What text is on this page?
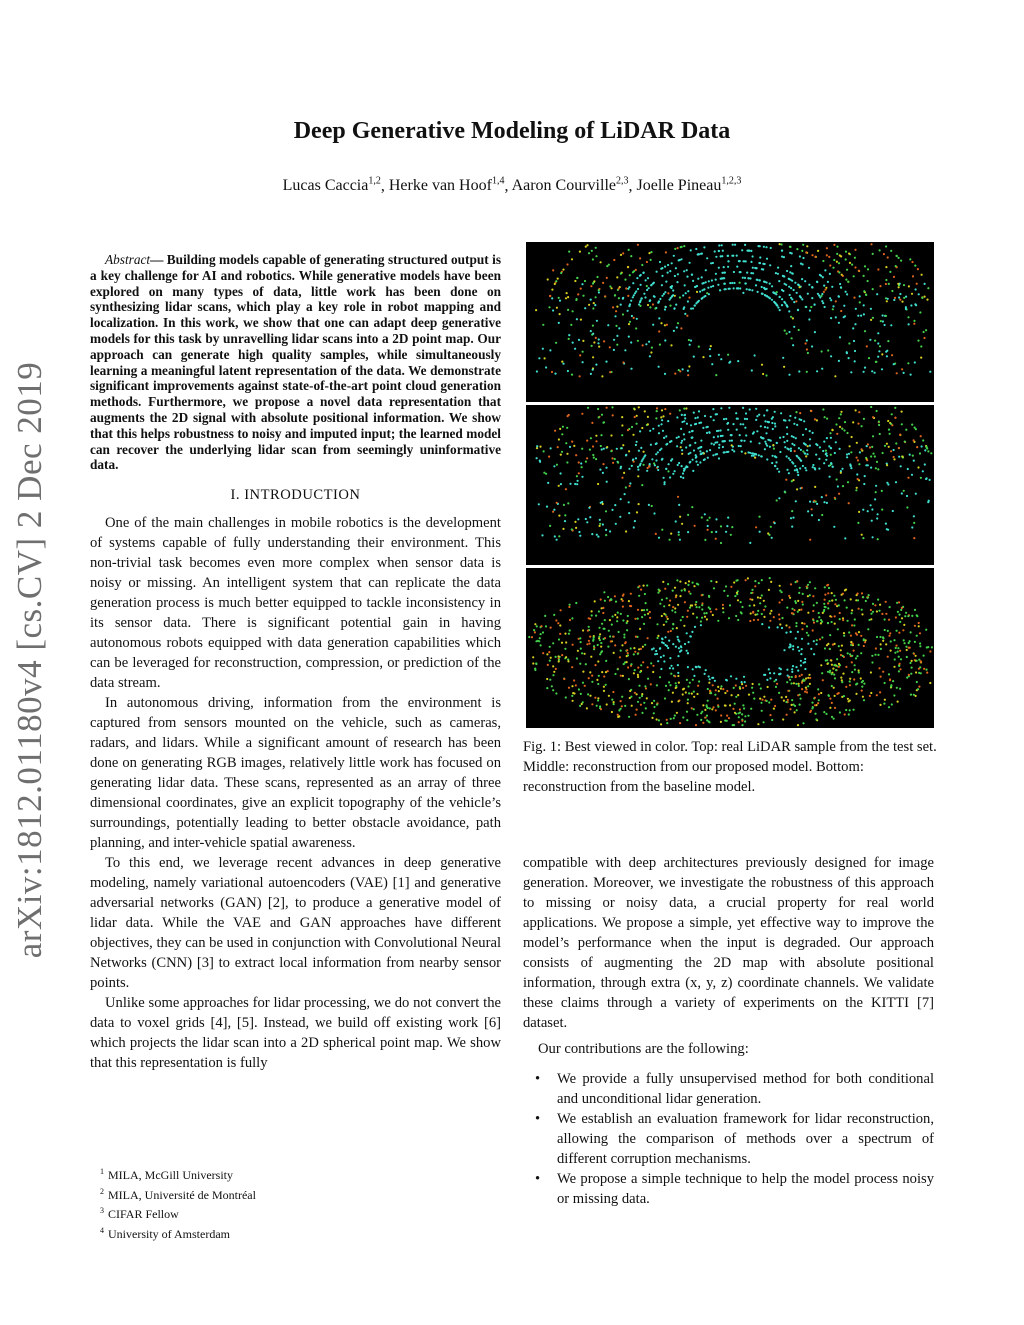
arXiv:1812.01180v4 [cs.CV] 2 Dec 2019
Deep Generative Modeling of LiDAR Data
Lucas Caccia$^{1,2}$, Herke van Hoof$^{1,4}$, Aaron Courville$^{2,3}$, Joelle Pineau$^{1,2,3}$
Abstract— Building models capable of generating structured output is a key challenge for AI and robotics. While generative models have been explored on many types of data, little work has been done on synthesizing lidar scans, which play a key role in robot mapping and localization. In this work, we show that one can adapt deep generative models for this task by unravelling lidar scans into a 2D point map. Our approach can generate high quality samples, while simultaneously learning a meaningful latent representation of the data. We demonstrate significant improvements against state-of-the-art point cloud generation methods. Furthermore, we propose a novel data representation that augments the 2D signal with absolute positional information. We show that this helps robustness to noisy and imputed input; the learned model can recover the underlying lidar scan from seemingly uninformative data.
I. INTRODUCTION

One of the main challenges in mobile robotics is the development of systems capable of fully understanding their environment. This non-trivial task becomes even more complex when sensor data is noisy or missing. An intelligent system that can replicate the data generation process is much better equipped to tackle inconsistency in its sensor data. There is significant potential gain in having autonomous robots equipped with data generation capabilities which can be leveraged for reconstruction, compression, or prediction of the data stream.

In autonomous driving, information from the environment is captured from sensors mounted on the vehicle, such as cameras, radars, and lidars. While a significant amount of research has been done on generating RGB images, relatively little work has focused on generating lidar data. These scans, represented as an array of three dimensional coordinates, give an explicit topography of the vehicle’s surroundings, potentially leading to better obstacle avoidance, path planning, and inter-vehicle spatial awareness.

To this end, we leverage recent advances in deep generative modeling, namely variational autoencoders (VAE) [1] and generative adversarial networks (GAN) [2], to produce a generative model of lidar data. While the VAE and GAN approaches have different objectives, they can be used in conjunction with Convolutional Neural Networks (CNN) [3] to extract local information from nearby sensor points.

Unlike some approaches for lidar processing, we do not convert the data to voxel grids [4], [5]. Instead, we build off existing work [6] which projects the lidar scan into a 2D spherical point map. We show that this representation is fully

Fig. 1: Best viewed in color. Top: real LiDAR sample from the test set. Middle: reconstruction from our proposed model. Bottom: reconstruction from the baseline model.

compatible with deep architectures previously designed for image generation. Moreover, we investigate the robustness of this approach to missing or noisy data, a crucial property for real world applications. We propose a simple, yet effective way to improve the model’s performance when the input is degraded. Our approach consists of augmenting the 2D map with absolute positional information, through extra (x, y, z) coordinate channels. We validate these claims through a variety of experiments on the KITTI [7] dataset.

Our contributions are the following:

• We provide a fully unsupervised method for both conditional and unconditional lidar generation.
• We establish an evaluation framework for lidar reconstruction, allowing the comparison of methods over a spectrum of different corruption mechanisms.
• We propose a simple technique to help the model process noisy or missing data.
$^1$ MILA, McGill University
$^2$ MILA, Université de Montréal
$^3$ CIFAR Fellow
$^4$ University of Amsterdam
